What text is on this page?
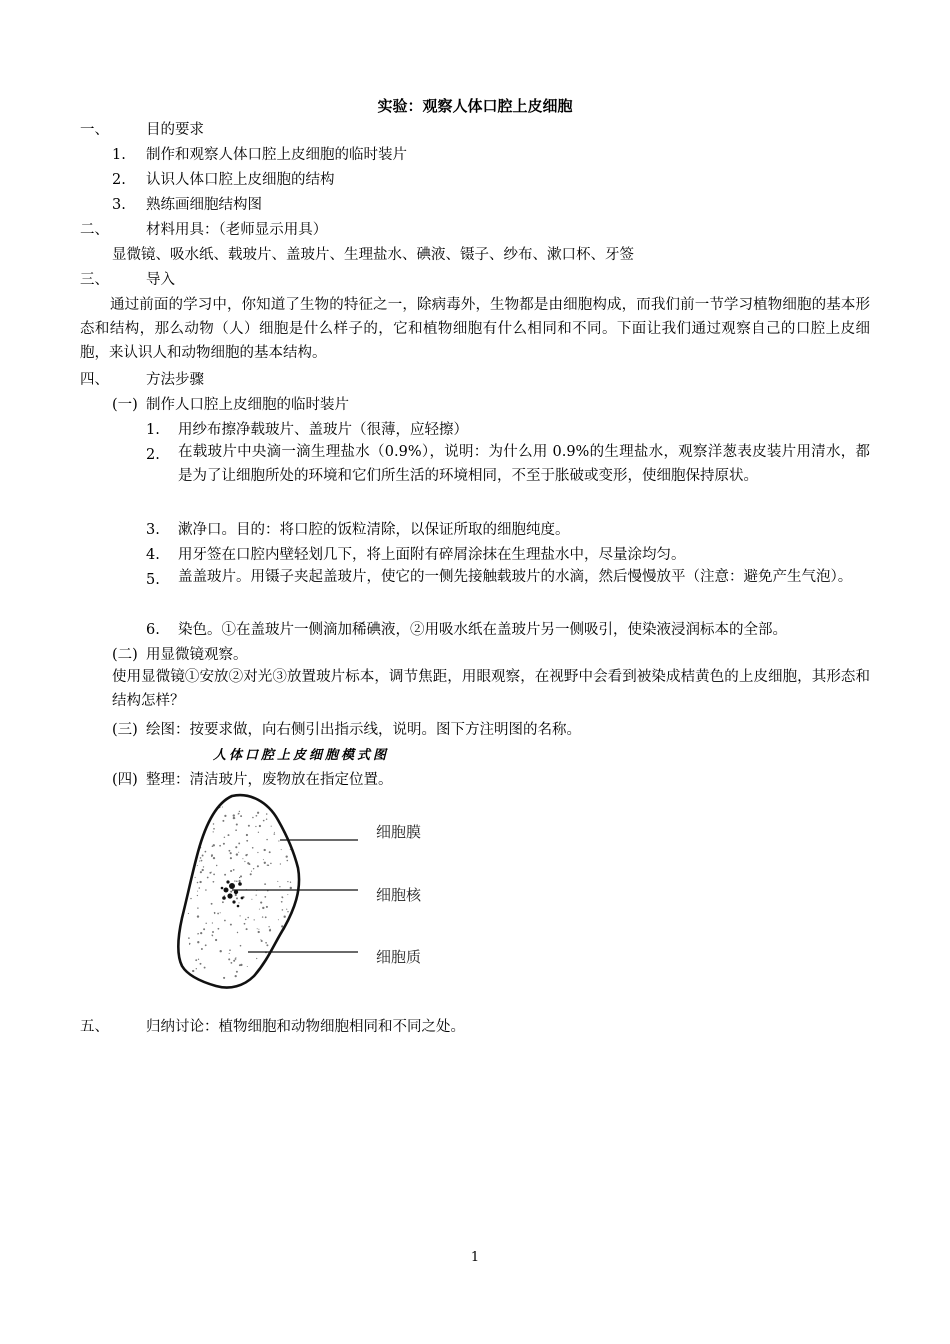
实验：观察人体口腔上皮细胞
一、	目的要求
1. 制作和观察人体口腔上皮细胞的临时装片
2. 认识人体口腔上皮细胞的结构
3. 熟练画细胞结构图
二、	材料用具：（老师显示用具）
显微镜、吸水纸、载玻片、盖玻片、生理盐水、碘液、镊子、纱布、漱口杯、牙签
三、	导入
通过前面的学习中，你知道了生物的特征之一，除病毒外，生物都是由细胞构成，而我们前一节学习植物细胞的基本形态和结构，那么动物（人）细胞是什么样子的，它和植物细胞有什么相同和不同。下面让我们通过观察自己的口腔上皮细胞，来认识人和动物细胞的基本结构。
四、	方法步骤
(一) 制作人口腔上皮细胞的临时装片
1. 用纱布擦净载玻片、盖玻片（很薄，应轻擦）
2. 在载玻片中央滴一滴生理盐水（0.9%），说明：为什么用 0.9%的生理盐水，观察洋葱表皮装片用清水，都是为了让细胞所处的环境和它们所生活的环境相同，不至于胀破或变形，使细胞保持原状。
3. 漱净口。目的：将口腔的饭粒清除，以保证所取的细胞纯度。
4. 用牙签在口腔内壁轻划几下，将上面附有碎屑涂抹在生理盐水中，尽量涂均匀。
5. 盖盖玻片。用镊子夹起盖玻片，使它的一侧先接触载玻片的水滴，然后慢慢放平（注意：避免产生气泡）。
6. 染色。①在盖玻片一侧滴加稀碘液，②用吸水纸在盖玻片另一侧吸引，使染液浸润标本的全部。
(二) 用显微镜观察。
使用显微镜①安放②对光③放置玻片标本，调节焦距，用眼观察，在视野中会看到被染成桔黄色的上皮细胞，其形态和结构怎样？
(三) 绘图：按要求做，向右侧引出指示线，说明。图下方注明图的名称。
人体口腔上皮细胞模式图
(四) 整理：清洁玻片，废物放在指定位置。
细胞膜
细胞核
细胞质
五、	归纳讨论：植物细胞和动物细胞相同和不同之处。
1
